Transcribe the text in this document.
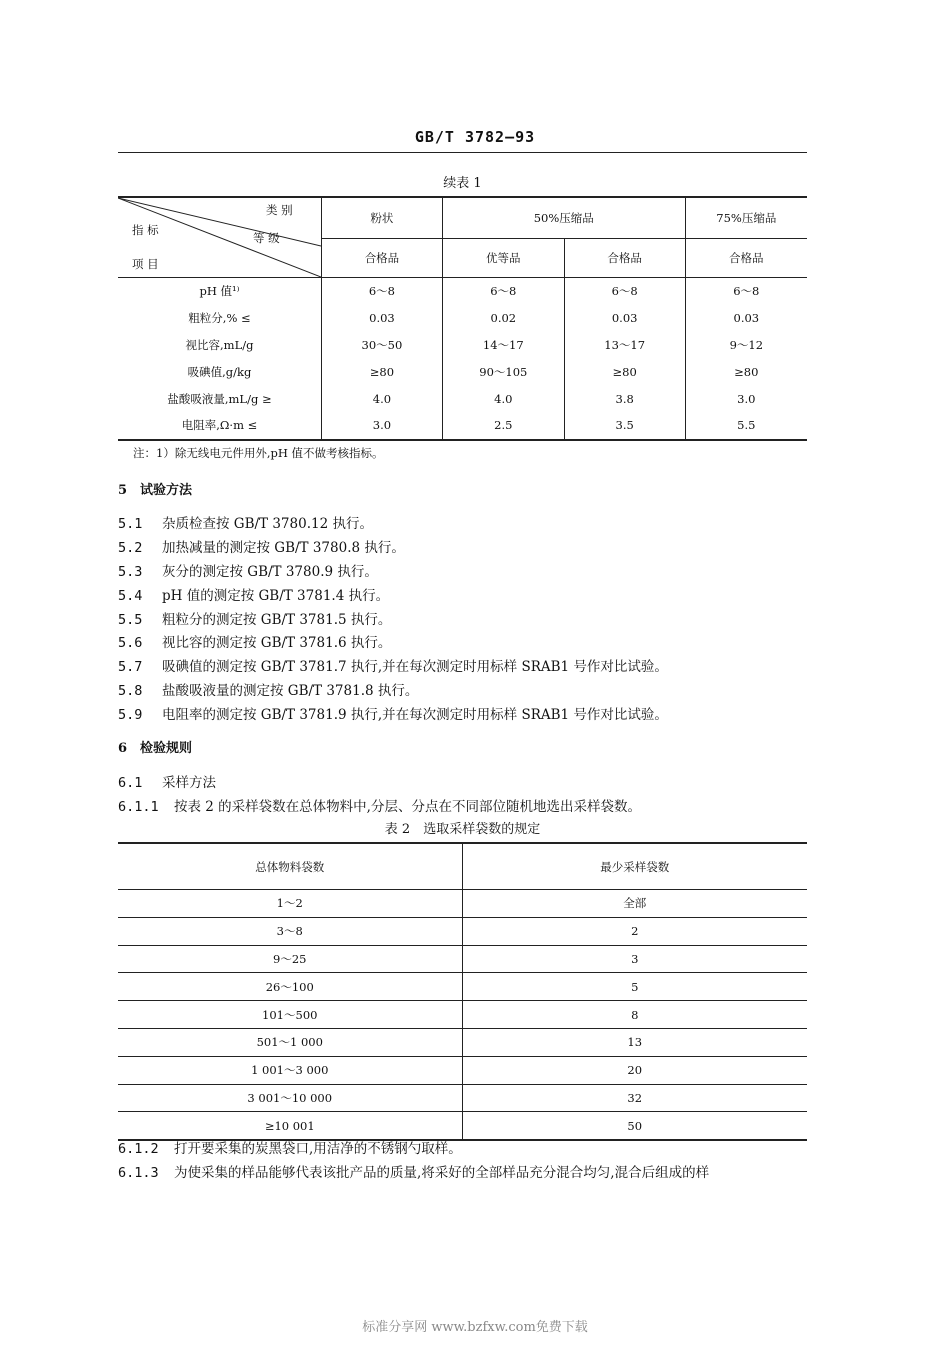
GB/T 3782—93
续表 1
类 别
等 级
指 标
项 目	粉状	50%压缩品		75%压缩品
	合格品	优等品	合格品	合格品
pH 值¹⁾	6～8	6～8	6～8	6～8
粗粒分,% ≤	0.03	0.02	0.03	0.03
视比容,mL/g	30～50	14～17	13～17	9～12
吸碘值,g/kg	≥80	90～105	≥80	≥80
盐酸吸液量,mL/g ≥	4.0	4.0	3.8	3.0
电阻率,Ω·m ≤	3.0	2.5	3.5	5.5
注：1）除无线电元件用外,pH 值不做考核指标。
5　试验方法
5.1 杂质检查按 GB/T 3780.12 执行。
5.2 加热减量的测定按 GB/T 3780.8 执行。
5.3 灰分的测定按 GB/T 3780.9 执行。
5.4 pH 值的测定按 GB/T 3781.4 执行。
5.5 粗粒分的测定按 GB/T 3781.5 执行。
5.6 视比容的测定按 GB/T 3781.6 执行。
5.7 吸碘值的测定按 GB/T 3781.7 执行,并在每次测定时用标样 SRAB1 号作对比试验。
5.8 盐酸吸液量的测定按 GB/T 3781.8 执行。
5.9 电阻率的测定按 GB/T 3781.9 执行,并在每次测定时用标样 SRAB1 号作对比试验。
6　检验规则
6.1 采样方法
6.1.1 按表 2 的采样袋数在总体物料中,分层、分点在不同部位随机地选出采样袋数。
表 2　选取采样袋数的规定
总体物料袋数	最少采样袋数
1～2	全部
3～8	2
9～25	3
26～100	5
101～500	8
501～1 000	13
1 001～3 000	20
3 001～10 000	32
≥10 001	50
6.1.2 打开要采集的炭黑袋口,用洁净的不锈钢勺取样。
6.1.3 为使采集的样品能够代表该批产品的质量,将采好的全部样品充分混合均匀,混合后组成的样
标准分享网 www.bzfxw.com免费下载
